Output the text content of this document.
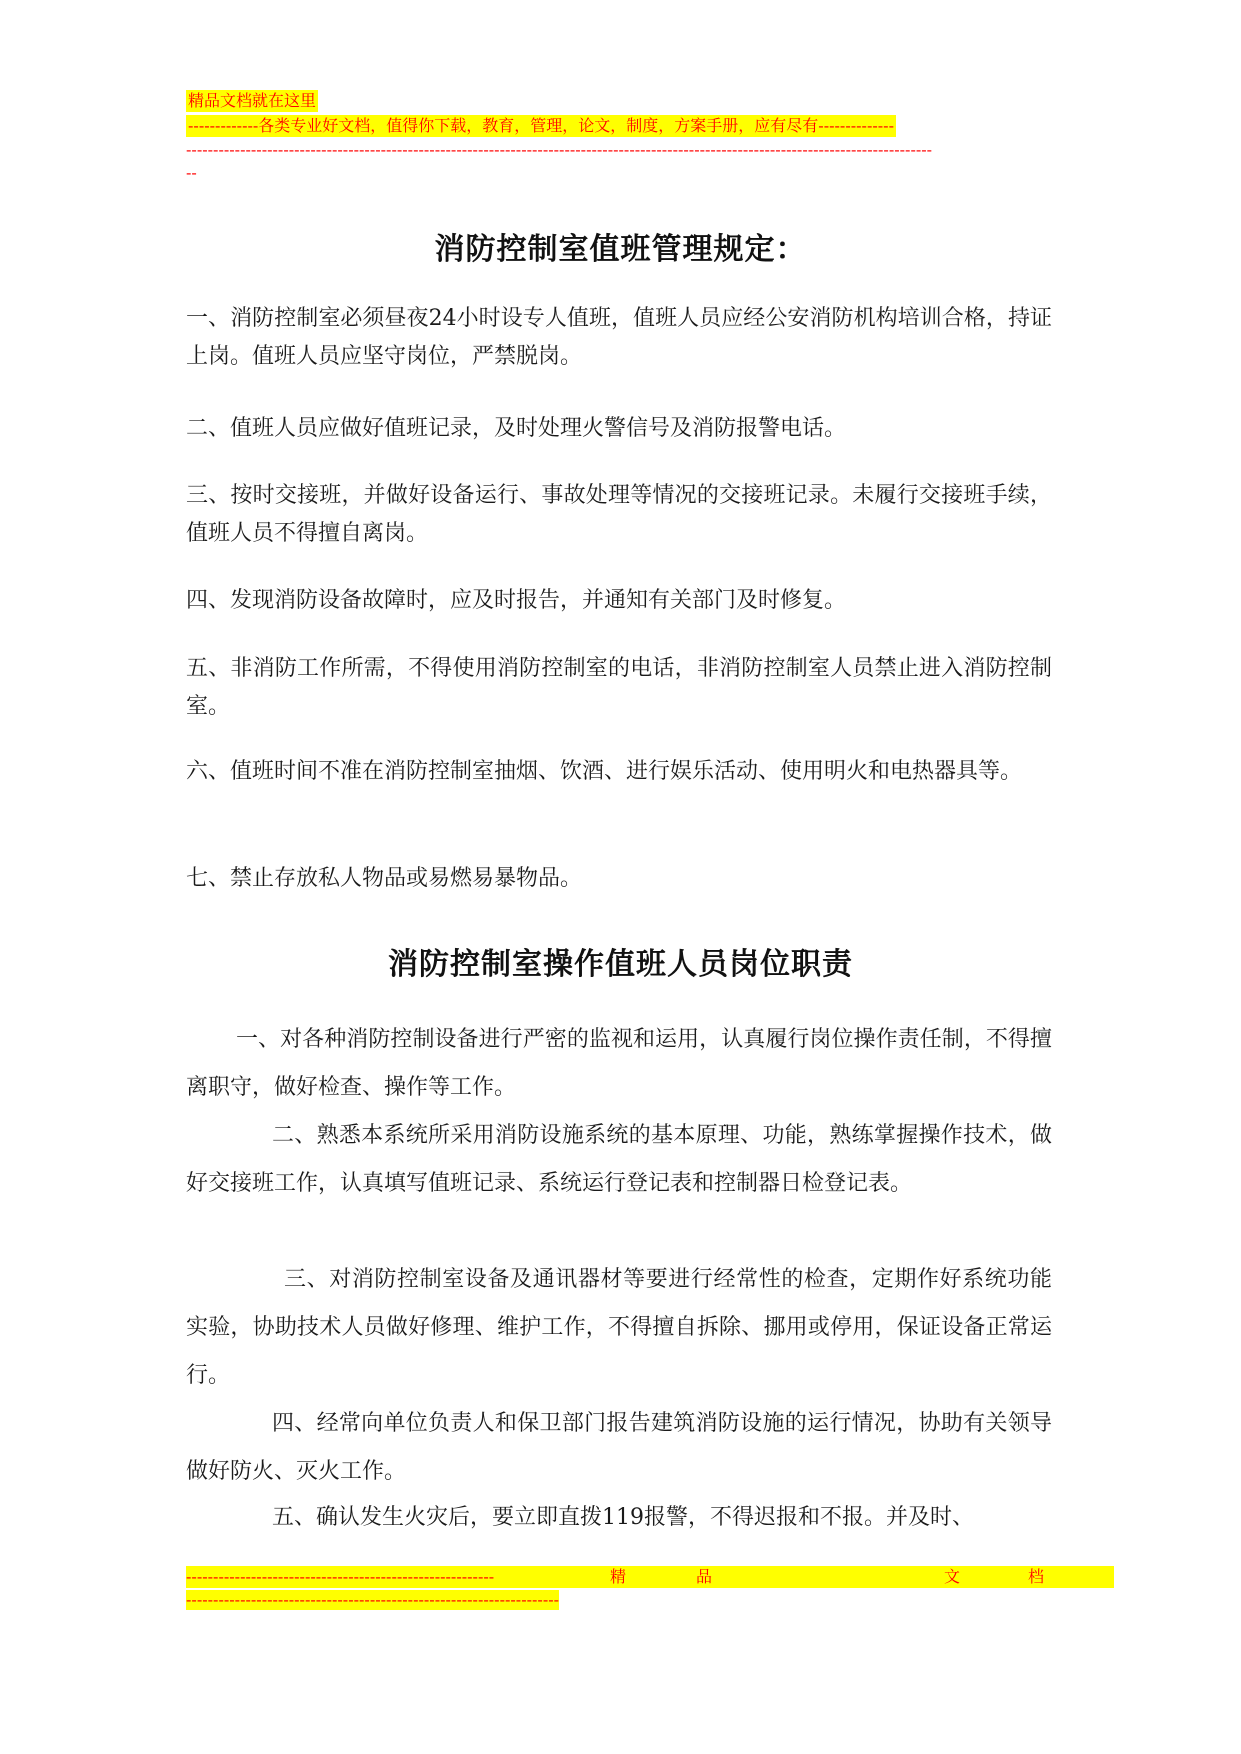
精品文档就在这里
-------------各类专业好文档，值得你下载，教育，管理，论文，制度，方案手册，应有尽有--------------
------------------------------------------------------------------------------------------------------------------------------------------
--
消防控制室值班管理规定：
一、消防控制室必须昼夜24小时设专人值班，值班人员应经公安消防机构培训合格，持证上岗。值班人员应坚守岗位，严禁脱岗。
二、值班人员应做好值班记录，及时处理火警信号及消防报警电话。
三、按时交接班，并做好设备运行、事故处理等情况的交接班记录。未履行交接班手续，值班人员不得擅自离岗。
四、发现消防设备故障时，应及时报告，并通知有关部门及时修复。
五、非消防工作所需，不得使用消防控制室的电话，非消防控制室人员禁止进入消防控制室。
六、值班时间不准在消防控制室抽烟、饮酒、进行娱乐活动、使用明火和电热器具等。
七、禁止存放私人物品或易燃易暴物品。
消防控制室操作值班人员岗位职责
一、对各种消防控制设备进行严密的监视和运用，认真履行岗位操作责任制，不得擅离职守，做好检查、操作等工作。
二、熟悉本系统所采用消防设施系统的基本原理、功能，熟练掌握操作技术，做好交接班工作，认真填写值班记录、系统运行登记表和控制器日检登记表。
三、对消防控制室设备及通讯器材等要进行经常性的检查，定期作好系统功能实验，协助技术人员做好修理、维护工作，不得擅自拆除、挪用或停用，保证设备正常运行。
四、经常向单位负责人和保卫部门报告建筑消防设施的运行情况，协助有关领导做好防火、灭火工作。
五、确认发生火灾后，要立即直拨119报警，不得迟报和不报。并及时、
---------------------------------------------------------	精	品	文	档
---------------------------------------------------------------------
